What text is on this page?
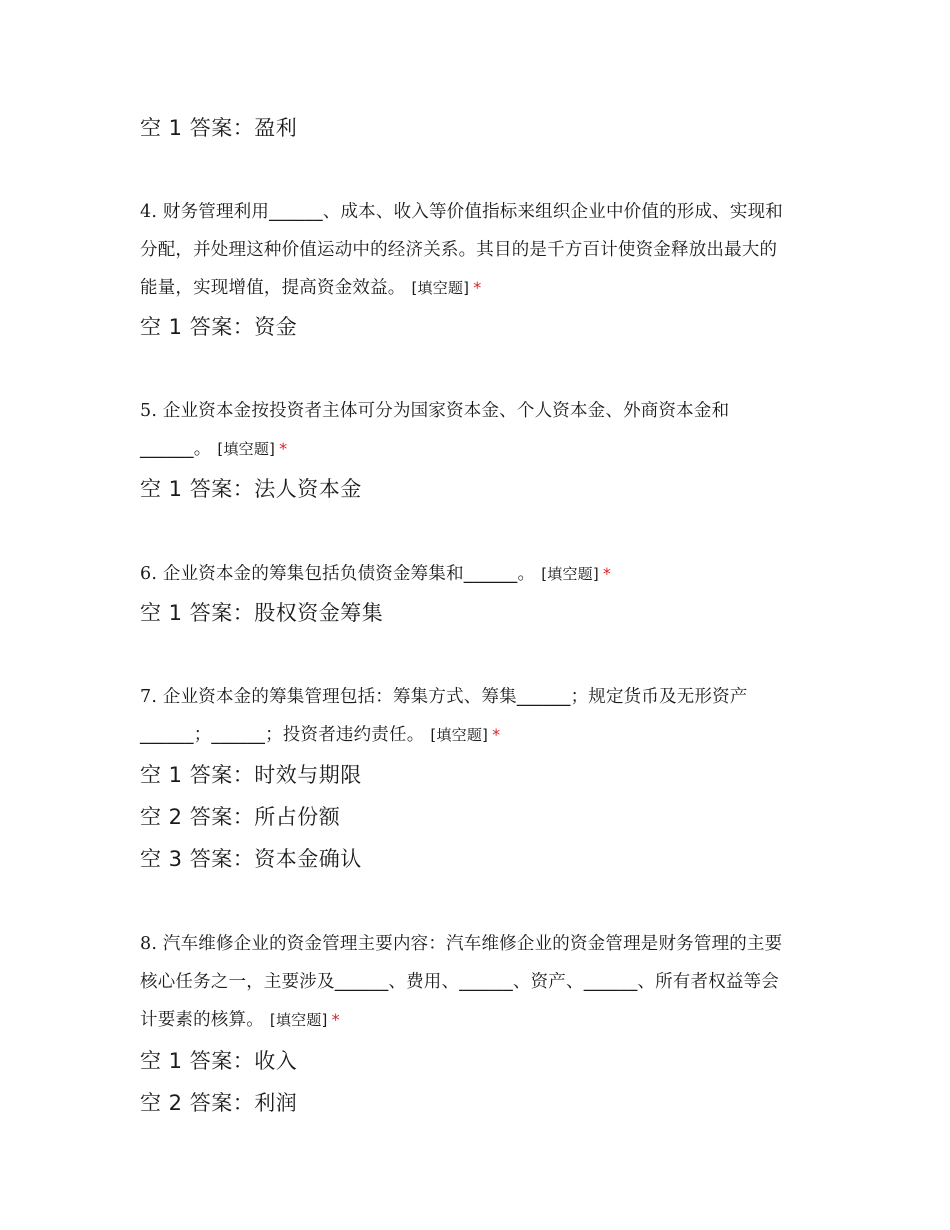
空 1 答案：盈利

4. 财务管理利用______、成本、收入等价值指标来组织企业中价值的形成、实现和
分配，并处理这种价值运动中的经济关系。其目的是千方百计使资金释放出最大的
能量，实现增值，提高资金效益。 [填空题] *

空 1 答案：资金

5. 企业资本金按投资者主体可分为国家资本金、个人资本金、外商资本金和
______。 [填空题] *

空 1 答案：法人资本金

6. 企业资本金的筹集包括负债资金筹集和______。 [填空题] *

空 1 答案：股权资金筹集

7. 企业资本金的筹集管理包括：筹集方式、筹集______；规定货币及无形资产
______；______；投资者违约责任。 [填空题] *

空 1 答案：时效与期限
空 2 答案：所占份额
空 3 答案：资本金确认

8. 汽车维修企业的资金管理主要内容：汽车维修企业的资金管理是财务管理的主要
核心任务之一，主要涉及______、费用、______、资产、______、所有者权益等会
计要素的核算。 [填空题] *

空 1 答案：收入
空 2 答案：利润
